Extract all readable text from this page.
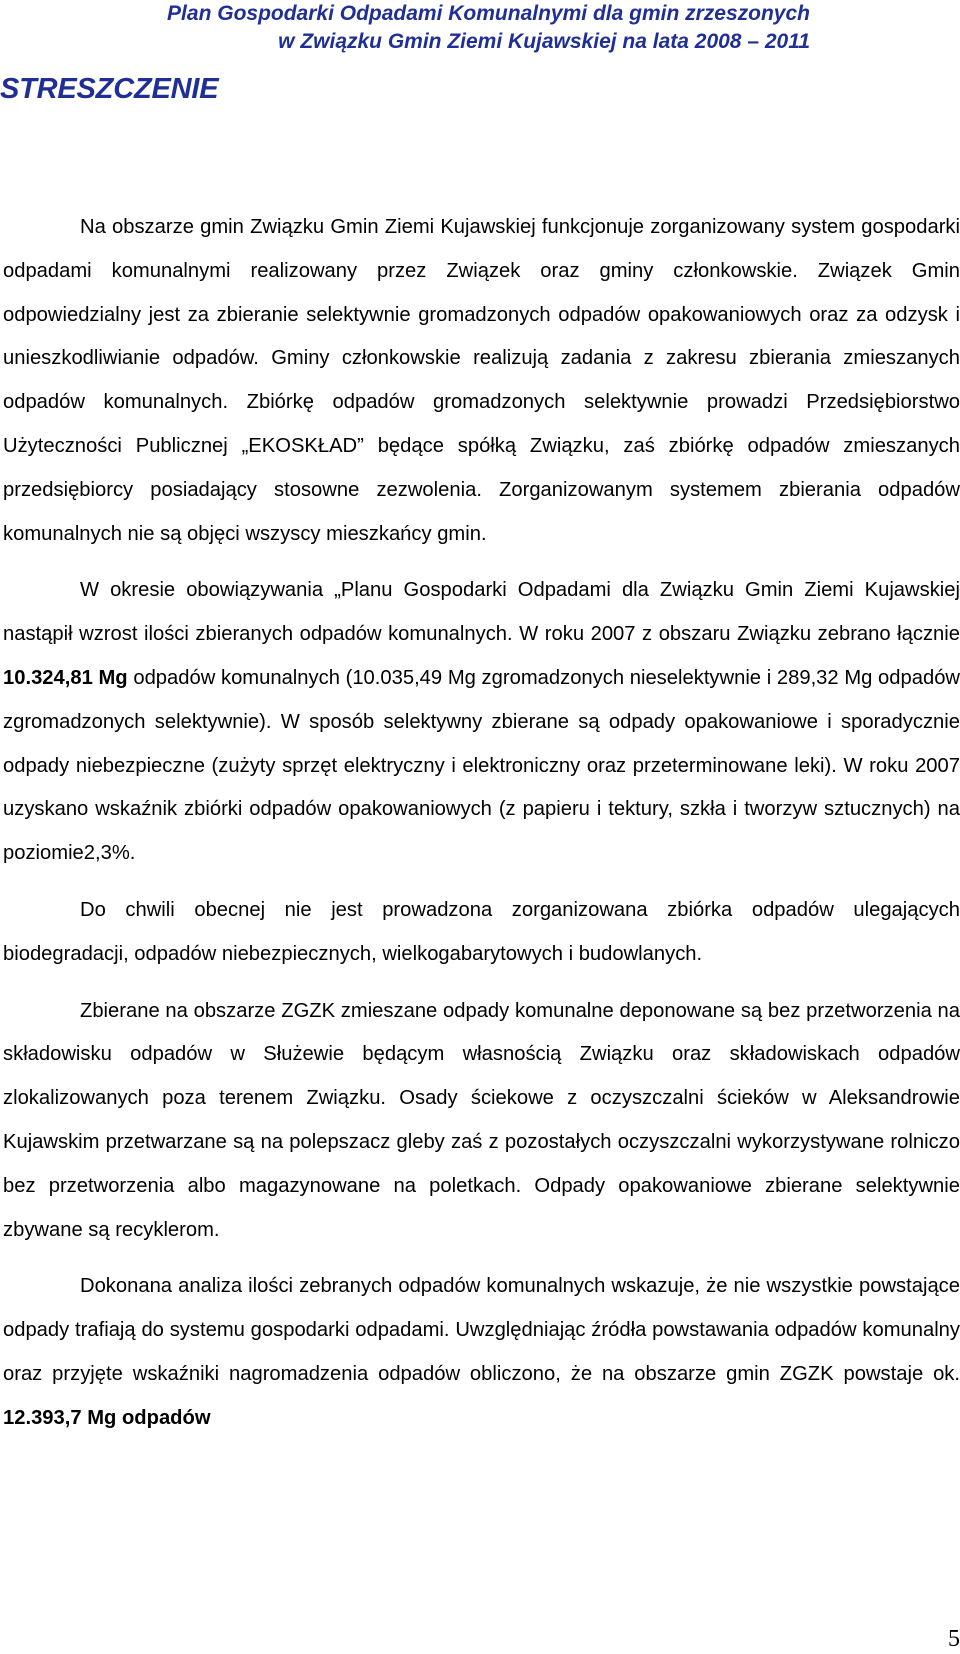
Plan Gospodarki Odpadami Komunalnymi dla gmin zrzeszonych
w Związku Gmin Ziemi Kujawskiej na lata 2008 – 2011
STRESZCZENIE

Na obszarze gmin Związku Gmin Ziemi Kujawskiej funkcjonuje zorganizowany system gospodarki odpadami komunalnymi realizowany przez Związek oraz gminy członkowskie. Związek Gmin odpowiedzialny jest za zbieranie selektywnie gromadzonych odpadów opakowaniowych oraz za odzysk i unieszkodliwianie odpadów. Gminy członkowskie realizują zadania z zakresu zbierania zmieszanych odpadów komunalnych. Zbiórkę odpadów gromadzonych selektywnie prowadzi Przedsiębiorstwo Użyteczności Publicznej „EKOSKŁAD” będące spółką Związku, zaś zbiórkę odpadów zmieszanych przedsiębiorcy posiadający stosowne zezwolenia. Zorganizowanym systemem zbierania odpadów komunalnych nie są objęci wszyscy mieszkańcy gmin.

W okresie obowiązywania „Planu Gospodarki Odpadami dla Związku Gmin Ziemi Kujawskiej nastąpił wzrost ilości zbieranych odpadów komunalnych. W roku 2007 z obszaru Związku zebrano łącznie 10.324,81 Mg odpadów komunalnych (10.035,49 Mg zgromadzonych nieselektywnie i 289,32 Mg odpadów zgromadzonych selektywnie). W sposób selektywny zbierane są odpady opakowaniowe i sporadycznie odpady niebezpieczne (zużyty sprzęt elektryczny i elektroniczny oraz przeterminowane leki). W roku 2007 uzyskano wskaźnik zbiórki odpadów opakowaniowych (z papieru i tektury, szkła i tworzyw sztucznych) na poziomie2,3%.

Do chwili obecnej nie jest prowadzona zorganizowana zbiórka odpadów ulegających biodegradacji, odpadów niebezpiecznych, wielkogabarytowych i budowlanych.

Zbierane na obszarze ZGZK zmieszane odpady komunalne deponowane są bez przetworzenia na składowisku odpadów w Służewie będącym własnością Związku oraz składowiskach odpadów zlokalizowanych poza terenem Związku. Osady ściekowe z oczyszczalni ścieków w Aleksandrowie Kujawskim przetwarzane są na polepszacz gleby zaś z pozostałych oczyszczalni wykorzystywane rolniczo bez przetworzenia albo magazynowane na poletkach. Odpady opakowaniowe zbierane selektywnie zbywane są recyklerom.

Dokonana analiza ilości zebranych odpadów komunalnych wskazuje, że nie wszystkie powstające odpady trafiają do systemu gospodarki odpadami. Uwzględniając źródła powstawania odpadów komunalny oraz przyjęte wskaźniki nagromadzenia odpadów obliczono, że na obszarze gmin ZGZK powstaje ok. 12.393,7 Mg odpadów

5
